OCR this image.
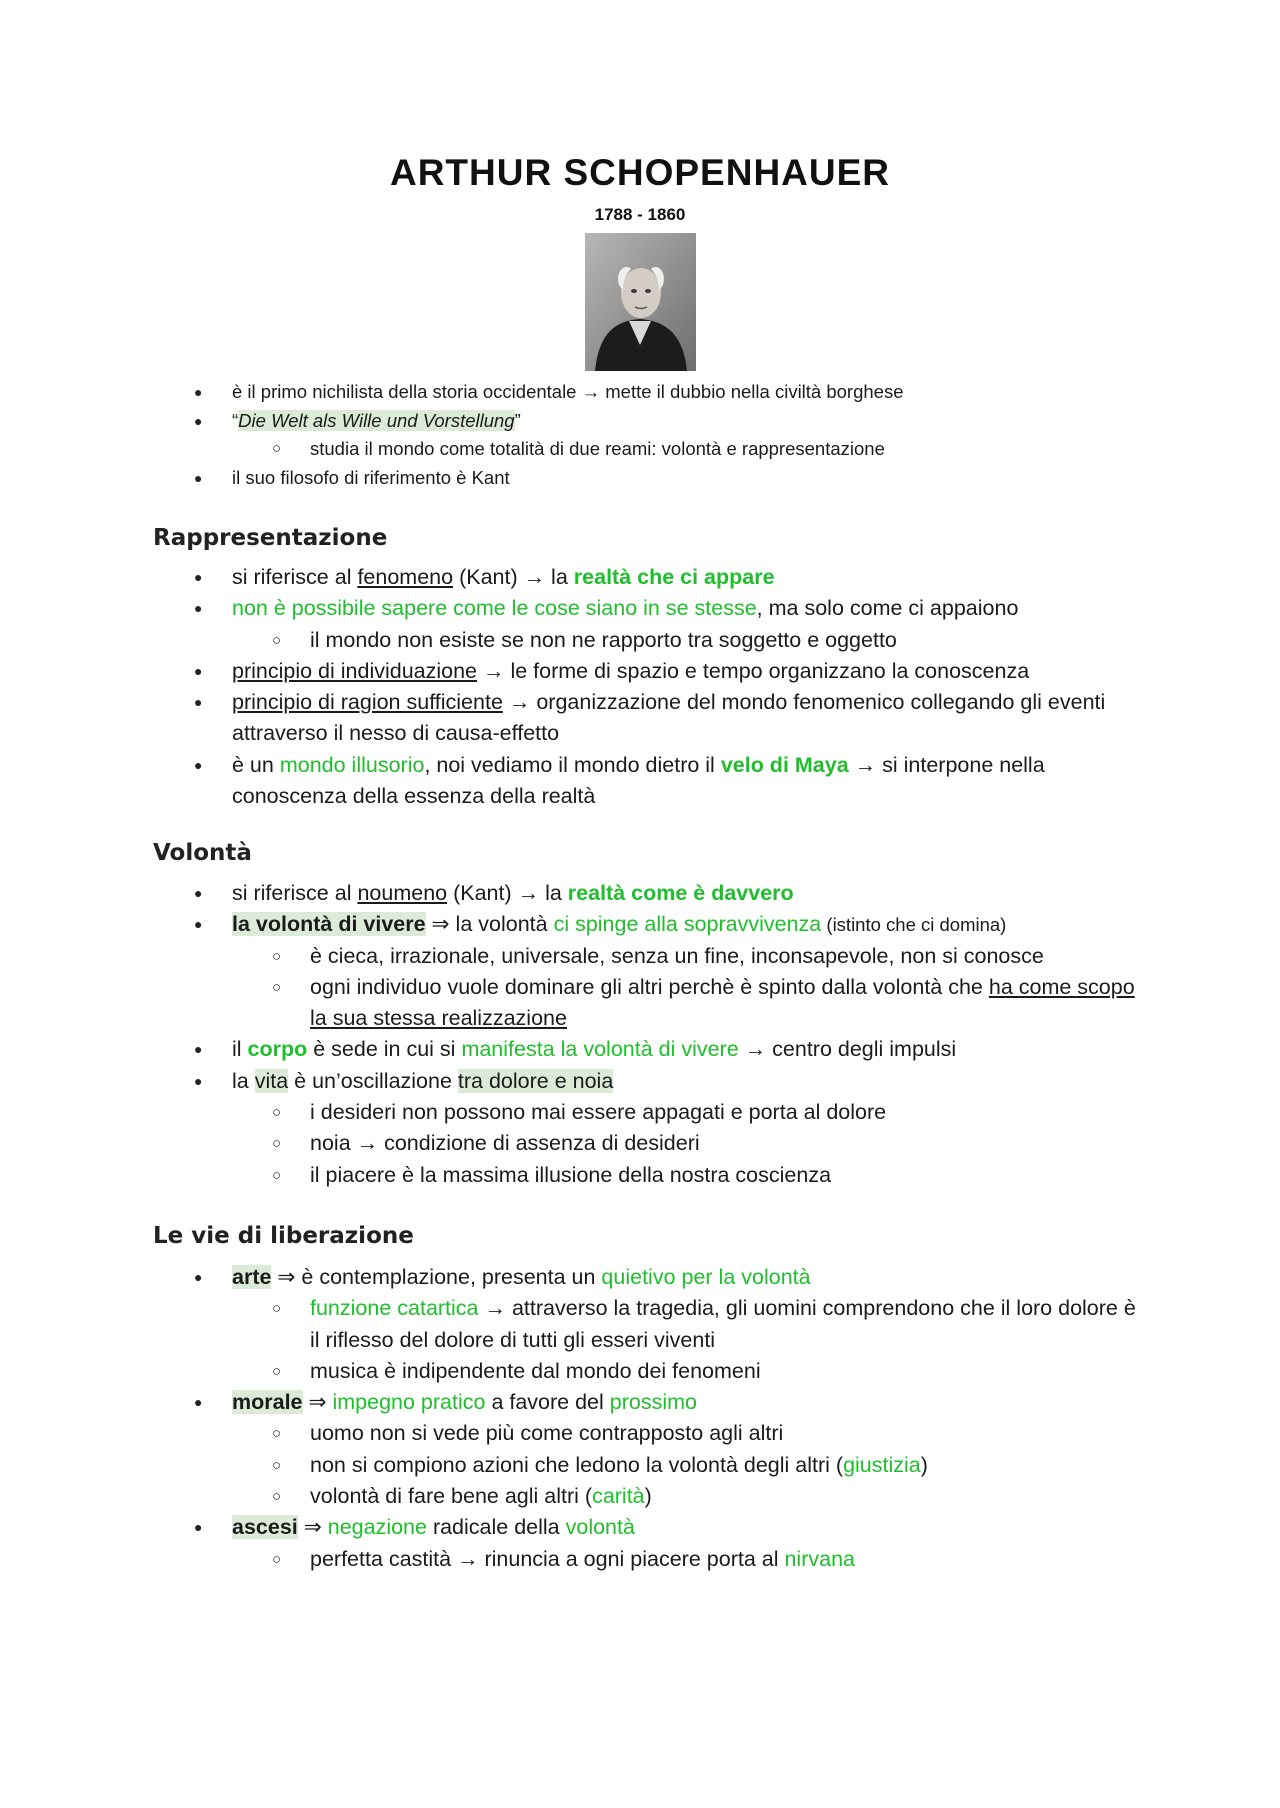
ARTHUR SCHOPENHAUER
1788 - 1860
● è il primo nichilista della storia occidentale → mette il dubbio nella civiltà borghese
● “Die Welt als Wille und Vorstellung”
○ studia il mondo come totalità di due reami: volontà e rappresentazione
● il suo filosofo di riferimento è Kant
Rappresentazione
● si riferisce al fenomeno (Kant) → la realtà che ci appare
● non è possibile sapere come le cose siano in se stesse, ma solo come ci appaiono
○ il mondo non esiste se non ne rapporto tra soggetto e oggetto
● principio di individuazione → le forme di spazio e tempo organizzano la conoscenza
● principio di ragion sufficiente → organizzazione del mondo fenomenico collegando gli eventi attraverso il nesso di causa-effetto
● è un mondo illusorio, noi vediamo il mondo dietro il velo di Maya → si interpone nella conoscenza della essenza della realtà
Volontà
● si riferisce al noumeno (Kant) → la realtà come è davvero
● la volontà di vivere ⇒ la volontà ci spinge alla sopravvivenza (istinto che ci domina)
○ è cieca, irrazionale, universale, senza un fine, inconsapevole, non si conosce
○ ogni individuo vuole dominare gli altri perchè è spinto dalla volontà che ha come scopo la sua stessa realizzazione
● il corpo è sede in cui si manifesta la volontà di vivere → centro degli impulsi
● la vita è un’oscillazione tra dolore e noia
○ i desideri non possono mai essere appagati e porta al dolore
○ noia → condizione di assenza di desideri
○ il piacere è la massima illusione della nostra coscienza
Le vie di liberazione
● arte ⇒ è contemplazione, presenta un quietivo per la volontà
○ funzione catartica → attraverso la tragedia, gli uomini comprendono che il loro dolore è il riflesso del dolore di tutti gli esseri viventi
○ musica è indipendente dal mondo dei fenomeni
● morale ⇒ impegno pratico a favore del prossimo
○ uomo non si vede più come contrapposto agli altri
○ non si compiono azioni che ledono la volontà degli altri (giustizia)
○ volontà di fare bene agli altri (carità)
● ascesi ⇒ negazione radicale della volontà
○ perfetta castità → rinuncia a ogni piacere porta al nirvana
